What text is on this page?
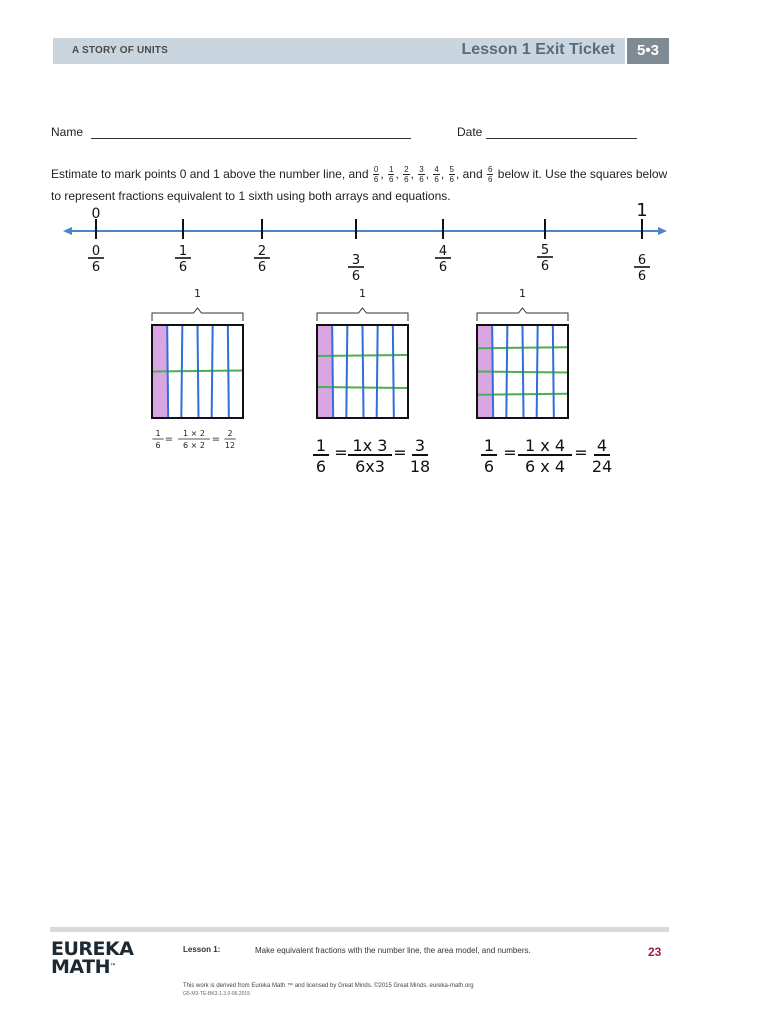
A STORY OF UNITS	Lesson 1 Exit Ticket	5•3
Name	Date
Estimate to mark points 0 and 1 above the number line, and $\frac{0}{6}$ , $\frac{1}{6}$ , $\frac{2}{6}$ , $\frac{3}{6}$ , $\frac{4}{6}$ , $\frac{5}{6}$ , and $\frac{6}{6}$ below it. Use the squares below to represent fractions equivalent to 1 sixth using both arrays and equations.
0	1
0
6
1
6
2
6	3
6
4
6
5
6	6
6
1
1
6
=
1 × 2
6 × 2
=
2
12
1
1
6
= 1x 3
6x3
= 3
18
1
1
6
= 1 x 4
6 x 4
= 4
24
EUREKA
MATH™
Lesson 1:	Make equivalent fractions with the number line, the area model, and numbers.	23
This work is derived from Eureka Math ™ and licensed by Great Minds. ©2015 Great Minds. eureka-math.org
G5-M3-TE-BK3-1.3.0-06.2015
